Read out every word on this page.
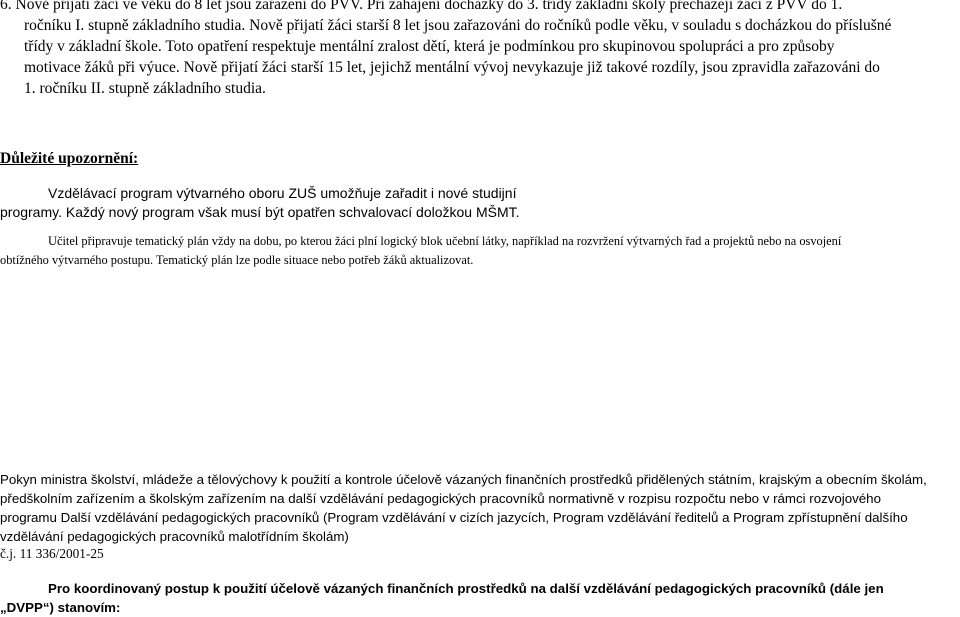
6. Nově přijatí žáci ve věku do 8 let jsou zařazeni do PVV. Při zahájení docházky do 3. třídy základní školy přecházejí žáci z PVV do 1.
ročníku I. stupně základního studia. Nově přijatí žáci starší 8 let jsou zařazováni do ročníků podle věku, v souladu s docházkou do příslušné
třídy v základní škole. Toto opatření respektuje mentální zralost dětí, která je podmínkou pro skupinovou spolupráci a pro způsoby
motivace žáků při výuce. Nově přijatí žáci starší 15 let, jejichž mentální vývoj nevykazuje již takové rozdíly, jsou zpravidla zařazováni do
1. ročníku II. stupně základního studia.
Důležité upozornění:
Vzdělávací program výtvarného oboru ZUŠ umožňuje zařadit i nové studijní
programy. Každý nový program však musí být opatřen schvalovací doložkou MŠMT.
Učitel připravuje tematický plán vždy na dobu, po kterou žáci plní logický blok učební látky, například na rozvržení výtvarných řad a projektů nebo na osvojení
obtížného výtvarného postupu. Tematický plán lze podle situace nebo potřeb žáků aktualizovat.
Pokyn ministra školství, mládeže a tělovýchovy k použití a kontrole účelově vázaných finančních prostředků přidělených státním, krajským a obecním školám,
předškolním zařízením a školským zařízením na další vzdělávání pedagogických pracovníků normativně v rozpisu rozpočtu nebo v rámci rozvojového
programu Další vzdělávání pedagogických pracovníků (Program vzdělávání v cizích jazycích, Program vzdělávání ředitelů a Program zpřístupnění dalšího
vzdělávání pedagogických pracovníků malotřídním školám)
č.j. 11 336/2001-25
Pro koordinovaný postup k použití účelově vázaných finančních prostředků na další vzdělávání pedagogických pracovníků (dále jen
„DVPP“) stanovím:
